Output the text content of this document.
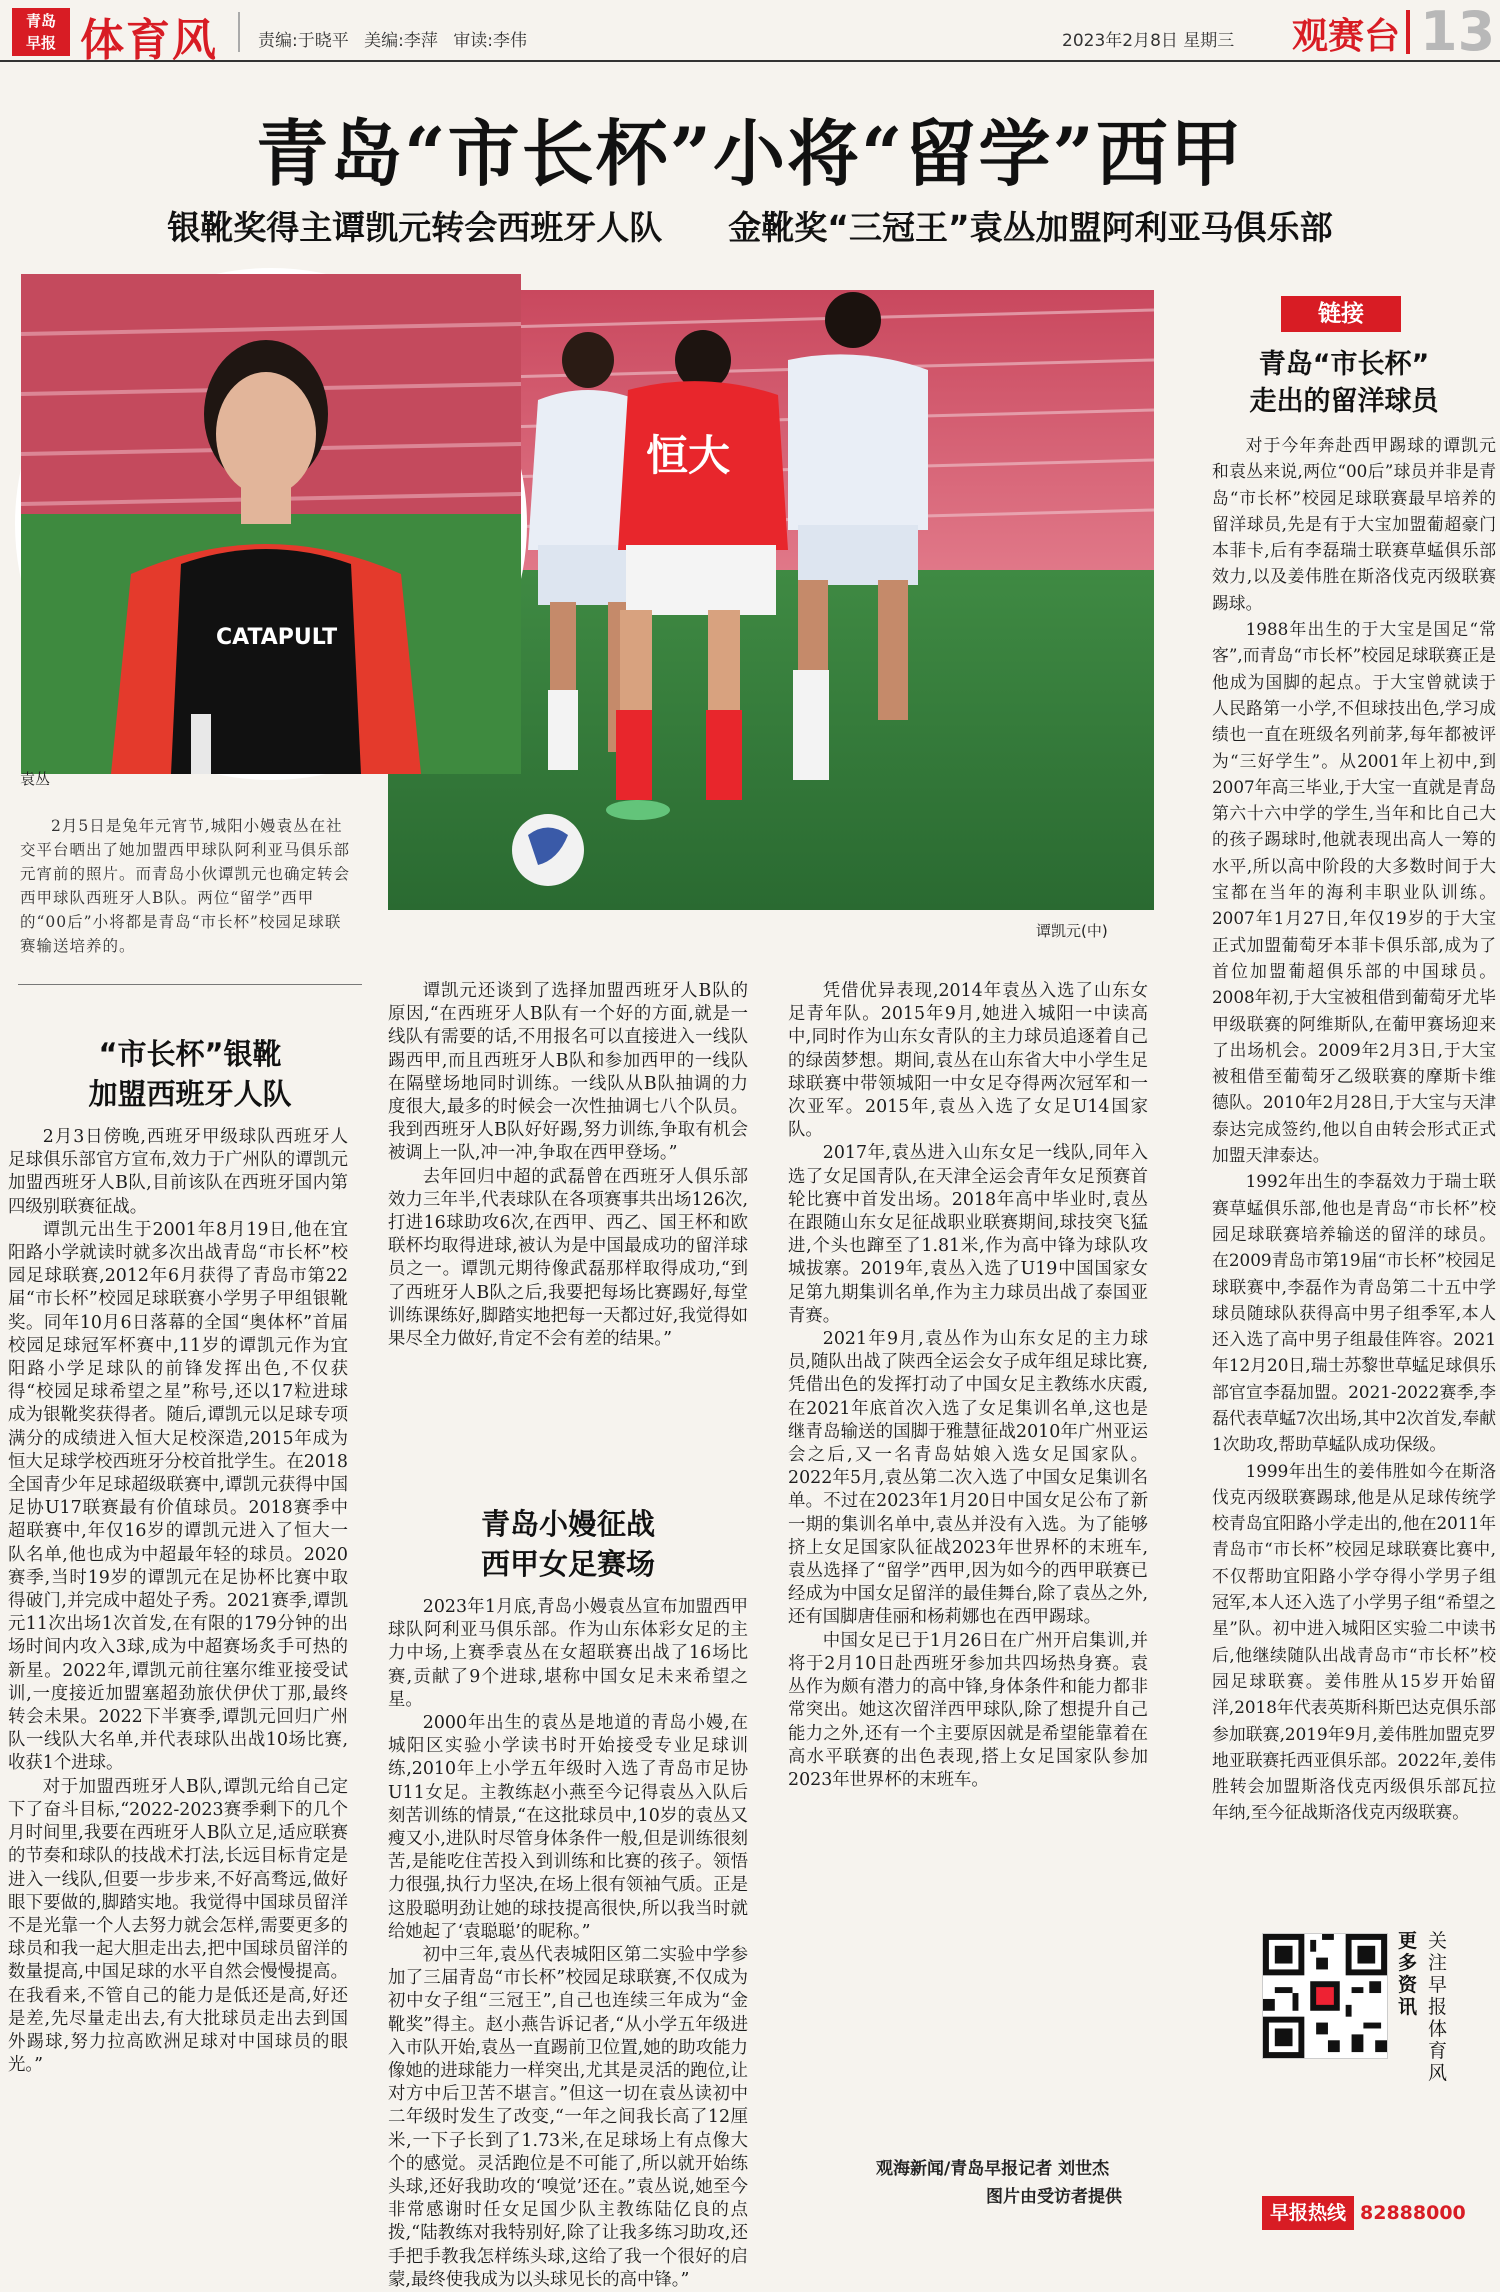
青岛
早报 体育风 责编:于晓平 美编:李萍 审读:李伟	2023年2月8日 星期三 观赛台 13
青岛“市长杯”小将“留学”西甲
银靴奖得主谭凯元转会西班牙人队　　金靴奖“三冠王”袁丛加盟阿利亚马俱乐部
恒大
谭凯元(中)
CATAPULT
袁丛

2月5日是兔年元宵节,城阳小嫚袁丛在社交平台晒出了她加盟西甲球队阿利亚马俱乐部元宵前的照片。而青岛小伙谭凯元也确定转会西甲球队西班牙人B队。两位“留学”西甲的“00后”小将都是青岛“市长杯”校园足球联赛输送培养的。

“市长杯”银靴
加盟西班牙人队

2月3日傍晚,西班牙甲级球队西班牙人足球俱乐部官方宣布,效力于广州队的谭凯元加盟西班牙人B队,目前该队在西班牙国内第四级别联赛征战。

谭凯元出生于2001年8月19日,他在宜阳路小学就读时就多次出战青岛“市长杯”校园足球联赛,2012年6月获得了青岛市第22届“市长杯”校园足球联赛小学男子甲组银靴奖。同年10月6日落幕的全国“奥体杯”首届校园足球冠军杯赛中,11岁的谭凯元作为宜阳路小学足球队的前锋发挥出色,不仅获得“校园足球希望之星”称号,还以17粒进球成为银靴奖获得者。随后,谭凯元以足球专项满分的成绩进入恒大足校深造,2015年成为恒大足球学校西班牙分校首批学生。在2018全国青少年足球超级联赛中,谭凯元获得中国足协U17联赛最有价值球员。2018赛季中超联赛中,年仅16岁的谭凯元进入了恒大一队名单,他也成为中超最年轻的球员。2020赛季,当时19岁的谭凯元在足协杯比赛中取得破门,并完成中超处子秀。2021赛季,谭凯元11次出场1次首发,在有限的179分钟的出场时间内攻入3球,成为中超赛场炙手可热的新星。2022年,谭凯元前往塞尔维亚接受试训,一度接近加盟塞超劲旅伏伊伏丁那,最终转会未果。2022下半赛季,谭凯元回归广州队一线队大名单,并代表球队出战10场比赛,收获1个进球。

对于加盟西班牙人B队,谭凯元给自己定下了奋斗目标,“2022-2023赛季剩下的几个月时间里,我要在西班牙人B队立足,适应联赛的节奏和球队的技战术打法,长远目标肯定是进入一线队,但要一步步来,不好高骛远,做好眼下要做的,脚踏实地。我觉得中国球员留洋不是光靠一个人去努力就会怎样,需要更多的球员和我一起大胆走出去,把中国球员留洋的数量提高,中国足球的水平自然会慢慢提高。在我看来,不管自己的能力是低还是高,好还是差,先尽量走出去,有大批球员走出去到国外踢球,努力拉高欧洲足球对中国球员的眼光。”

谭凯元还谈到了选择加盟西班牙人B队的原因,“在西班牙人B队有一个好的方面,就是一线队有需要的话,不用报名可以直接进入一线队踢西甲,而且西班牙人B队和参加西甲的一线队在隔壁场地同时训练。一线队从B队抽调的力度很大,最多的时候会一次性抽调七八个队员。我到西班牙人B队好好踢,努力训练,争取有机会被调上一队,冲一冲,争取在西甲登场。”

去年回归中超的武磊曾在西班牙人俱乐部效力三年半,代表球队在各项赛事共出场126次,打进16球助攻6次,在西甲、西乙、国王杯和欧联杯均取得进球,被认为是中国最成功的留洋球员之一。谭凯元期待像武磊那样取得成功,“到了西班牙人B队之后,我要把每场比赛踢好,每堂训练课练好,脚踏实地把每一天都过好,我觉得如果尽全力做好,肯定不会有差的结果。”

青岛小嫚征战
西甲女足赛场

2023年1月底,青岛小嫚袁丛宣布加盟西甲球队阿利亚马俱乐部。作为山东体彩女足的主力中场,上赛季袁丛在女超联赛出战了16场比赛,贡献了9个进球,堪称中国女足未来希望之星。

2000年出生的袁丛是地道的青岛小嫚,在城阳区实验小学读书时开始接受专业足球训练,2010年上小学五年级时入选了青岛市足协U11女足。主教练赵小燕至今记得袁丛入队后刻苦训练的情景,“在这批球员中,10岁的袁丛又瘦又小,进队时尽管身体条件一般,但是训练很刻苦,是能吃住苦投入到训练和比赛的孩子。领悟力很强,执行力坚决,在场上很有领袖气质。正是这股聪明劲让她的球技提高很快,所以我当时就给她起了‘袁聪聪’的昵称。”

初中三年,袁丛代表城阳区第二实验中学参加了三届青岛“市长杯”校园足球联赛,不仅成为初中女子组“三冠王”,自己也连续三年成为“金靴奖”得主。赵小燕告诉记者,“从小学五年级进入市队开始,袁丛一直踢前卫位置,她的助攻能力像她的进球能力一样突出,尤其是灵活的跑位,让对方中后卫苦不堪言。”但这一切在袁丛读初中二年级时发生了改变,“一年之间我长高了12厘米,一下子长到了1.73米,在足球场上有点像大个的感觉。灵活跑位是不可能了,所以就开始练头球,还好我助攻的‘嗅觉’还在。”袁丛说,她至今非常感谢时任女足国少队主教练陆亿良的点拨,“陆教练对我特别好,除了让我多练习助攻,还手把手教我怎样练头球,这给了我一个很好的启蒙,最终使我成为以头球见长的高中锋。”

凭借优异表现,2014年袁丛入选了山东女足青年队。2015年9月,她进入城阳一中读高中,同时作为山东女青队的主力球员追逐着自己的绿茵梦想。期间,袁丛在山东省大中小学生足球联赛中带领城阳一中女足夺得两次冠军和一次亚军。2015年,袁丛入选了女足U14国家队。

2017年,袁丛进入山东女足一线队,同年入选了女足国青队,在天津全运会青年女足预赛首轮比赛中首发出场。2018年高中毕业时,袁丛在跟随山东女足征战职业联赛期间,球技突飞猛进,个头也蹿至了1.81米,作为高中锋为球队攻城拔寨。2019年,袁丛入选了U19中国国家女足第九期集训名单,作为主力球员出战了泰国亚青赛。

2021年9月,袁丛作为山东女足的主力球员,随队出战了陕西全运会女子成年组足球比赛,凭借出色的发挥打动了中国女足主教练水庆霞,在2021年底首次入选了女足集训名单,这也是继青岛输送的国脚于雅慧征战2010年广州亚运会之后,又一名青岛姑娘入选女足国家队。2022年5月,袁丛第二次入选了中国女足集训名单。不过在2023年1月20日中国女足公布了新一期的集训名单中,袁丛并没有入选。为了能够挤上女足国家队征战2023年世界杯的末班车,袁丛选择了“留学”西甲,因为如今的西甲联赛已经成为中国女足留洋的最佳舞台,除了袁丛之外,还有国脚唐佳丽和杨莉娜也在西甲踢球。

中国女足已于1月26日在广州开启集训,并将于2月10日赴西班牙参加共四场热身赛。袁丛作为颇有潜力的高中锋,身体条件和能力都非常突出。她这次留洋西甲球队,除了想提升自己能力之外,还有一个主要原因就是希望能靠着在高水平联赛的出色表现,搭上女足国家队参加2023年世界杯的末班车。

观海新闻/青岛早报记者 刘世杰
图片由受访者提供
链接
青岛“市长杯”
走出的留洋球员

对于今年奔赴西甲踢球的谭凯元和袁丛来说,两位“00后”球员并非是青岛“市长杯”校园足球联赛最早培养的留洋球员,先是有于大宝加盟葡超豪门本菲卡,后有李磊瑞士联赛草蜢俱乐部效力,以及姜伟胜在斯洛伐克丙级联赛踢球。

1988年出生的于大宝是国足“常客”,而青岛“市长杯”校园足球联赛正是他成为国脚的起点。于大宝曾就读于人民路第一小学,不但球技出色,学习成绩也一直在班级名列前茅,每年都被评为“三好学生”。从2001年上初中,到2007年高三毕业,于大宝一直就是青岛第六十六中学的学生,当年和比自己大的孩子踢球时,他就表现出高人一筹的水平,所以高中阶段的大多数时间于大宝都在当年的海利丰职业队训练。2007年1月27日,年仅19岁的于大宝正式加盟葡萄牙本菲卡俱乐部,成为了首位加盟葡超俱乐部的中国球员。2008年初,于大宝被租借到葡萄牙尤毕甲级联赛的阿维斯队,在葡甲赛场迎来了出场机会。2009年2月3日,于大宝被租借至葡萄牙乙级联赛的摩斯卡维德队。2010年2月28日,于大宝与天津泰达完成签约,他以自由转会形式正式加盟天津泰达。

1992年出生的李磊效力于瑞士联赛草蜢俱乐部,他也是青岛“市长杯”校园足球联赛培养输送的留洋的球员。在2009青岛市第19届“市长杯”校园足球联赛中,李磊作为青岛第二十五中学球员随球队获得高中男子组季军,本人还入选了高中男子组最佳阵容。2021年12月20日,瑞士苏黎世草蜢足球俱乐部官宣李磊加盟。2021-2022赛季,李磊代表草蜢7次出场,其中2次首发,奉献1次助攻,帮助草蜢队成功保级。

1999年出生的姜伟胜如今在斯洛伐克丙级联赛踢球,他是从足球传统学校青岛宜阳路小学走出的,他在2011年青岛市“市长杯”校园足球联赛比赛中,不仅帮助宜阳路小学夺得小学男子组冠军,本人还入选了小学男子组“希望之星”队。初中进入城阳区实验二中读书后,他继续随队出战青岛市“市长杯”校园足球联赛。姜伟胜从15岁开始留洋,2018年代表英斯科斯巴达克俱乐部参加联赛,2019年9月,姜伟胜加盟克罗地亚联赛托西亚俱乐部。2022年,姜伟胜转会加盟斯洛伐克丙级俱乐部瓦拉年纳,至今征战斯洛伐克丙级联赛。

更多资讯
关注早报体育风
早报热线 82888000
